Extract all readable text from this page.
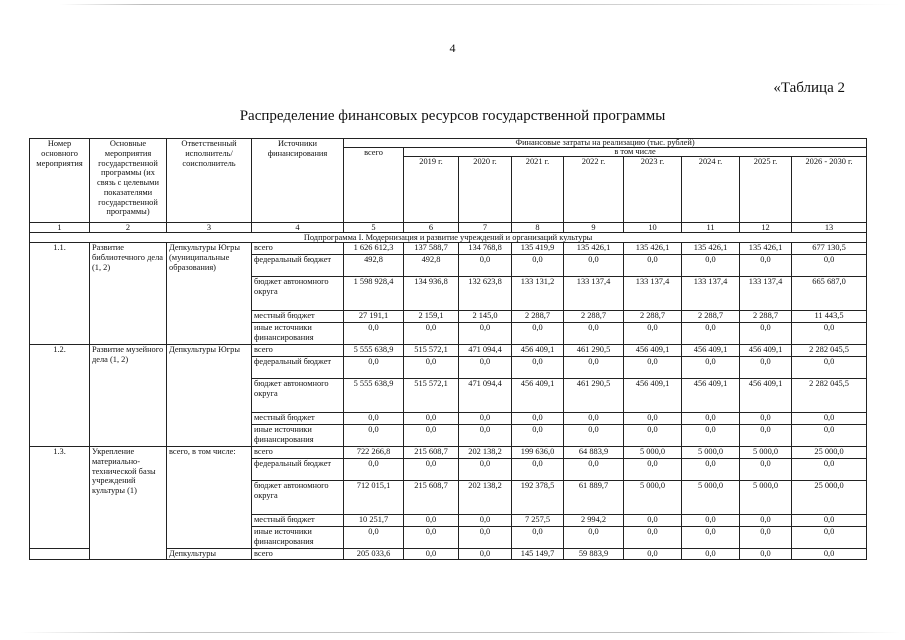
4
«Таблица 2
Распределение финансовых ресурсов государственной программы
Номер основного мероприятия	Основные мероприятия государственной программы (их связь с целевыми показателями государственной программы)	Ответственный исполнитель/ соисполнитель	Источники финансирования	Финансовые затраты на реализацию (тыс. рублей)								
				всего	в том числе							
					2019 г.	2020 г.	2021 г.	2022 г.	2023 г.	2024 г.	2025 г.	2026 - 2030 г.
1	2	3	4	5	6	7	8	9	10	11	12	13
Подпрограмма I. Модернизация и развитие учреждений и организаций культуры												
1.1.	Развитие библиотечного дела (1, 2)	Депкультуры Югры (муниципальные образования)	всего	1 626 612,3	137 588,7	134 768,8	135 419,9	135 426,1	135 426,1	135 426,1	135 426,1	677 130,5
			федеральный бюджет	492,8	492,8	0,0	0,0	0,0	0,0	0,0	0,0	0,0
			бюджет автономного округа	1 598 928,4	134 936,8	132 623,8	133 131,2	133 137,4	133 137,4	133 137,4	133 137,4	665 687,0
			местный бюджет	27 191,1	2 159,1	2 145,0	2 288,7	2 288,7	2 288,7	2 288,7	2 288,7	11 443,5
			иные источники финансирования	0,0	0,0	0,0	0,0	0,0	0,0	0,0	0,0	0,0
1.2.	Развитие музейного дела (1, 2)	Депкультуры Югры	всего	5 555 638,9	515 572,1	471 094,4	456 409,1	461 290,5	456 409,1	456 409,1	456 409,1	2 282 045,5
			федеральный бюджет	0,0	0,0	0,0	0,0	0,0	0,0	0,0	0,0	0,0
			бюджет автономного округа	5 555 638,9	515 572,1	471 094,4	456 409,1	461 290,5	456 409,1	456 409,1	456 409,1	2 282 045,5
			местный бюджет	0,0	0,0	0,0	0,0	0,0	0,0	0,0	0,0	0,0
			иные источники финансирования	0,0	0,0	0,0	0,0	0,0	0,0	0,0	0,0	0,0
1.3.	Укрепление материально-технической базы учреждений культуры (1)	всего, в том числе:	всего	722 266,8	215 608,7	202 138,2	199 636,0	64 883,9	5 000,0	5 000,0	5 000,0	25 000,0
			федеральный бюджет	0,0	0,0	0,0	0,0	0,0	0,0	0,0	0,0	0,0
			бюджет автономного округа	712 015,1	215 608,7	202 138,2	192 378,5	61 889,7	5 000,0	5 000,0	5 000,0	25 000,0
			местный бюджет	10 251,7	0,0	0,0	7 257,5	2 994,2	0,0	0,0	0,0	0,0
			иные источники финансирования	0,0	0,0	0,0	0,0	0,0	0,0	0,0	0,0	0,0
		Депкультуры	всего	205 033,6	0,0	0,0	145 149,7	59 883,9	0,0	0,0	0,0	0,0
